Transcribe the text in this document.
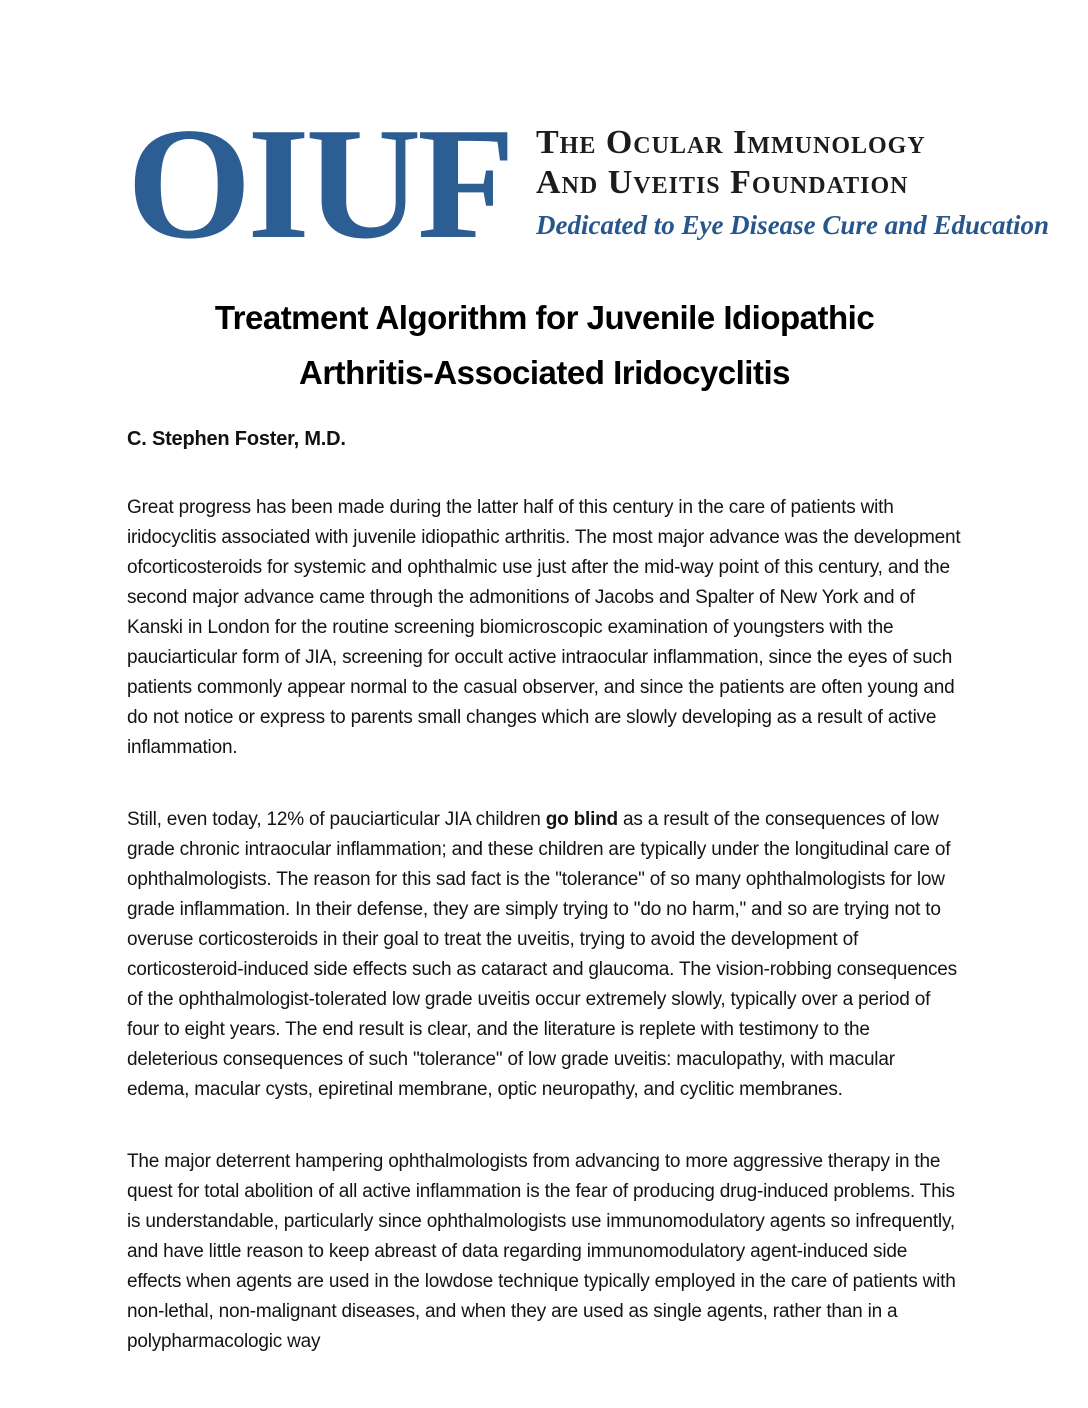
OIUF The Ocular Immunology
And Uveitis Foundation
Dedicated to Eye Disease Cure and Education
Treatment Algorithm for Juvenile Idiopathic
Arthritis-Associated Iridocyclitis
C. Stephen Foster, M.D.

Great progress has been made during the latter half of this century in the care of patients with iridocyclitis associated with juvenile idiopathic arthritis. The most major advance was the development ofcorticosteroids for systemic and ophthalmic use just after the mid-way point of this century, and the second major advance came through the admonitions of Jacobs and Spalter of New York and of Kanski in London for the routine screening biomicroscopic examination of youngsters with the pauciarticular form of JIA, screening for occult active intraocular inflammation, since the eyes of such patients commonly appear normal to the casual observer, and since the patients are often young and do not notice or express to parents small changes which are slowly developing as a result of active inflammation.

Still, even today, 12% of pauciarticular JIA children go blind as a result of the consequences of low grade chronic intraocular inflammation; and these children are typically under the longitudinal care of ophthalmologists. The reason for this sad fact is the "tolerance" of so many ophthalmologists for low grade inflammation. In their defense, they are simply trying to "do no harm," and so are trying not to overuse corticosteroids in their goal to treat the uveitis, trying to avoid the development of corticosteroid-induced side effects such as cataract and glaucoma. The vision-robbing consequences of the ophthalmologist-tolerated low grade uveitis occur extremely slowly, typically over a period of four to eight years. The end result is clear, and the literature is replete with testimony to the deleterious consequences of such "tolerance" of low grade uveitis: maculopathy, with macular edema, macular cysts, epiretinal membrane, optic neuropathy, and cyclitic membranes.

The major deterrent hampering ophthalmologists from advancing to more aggressive therapy in the quest for total abolition of all active inflammation is the fear of producing drug-induced problems. This is understandable, particularly since ophthalmologists use immunomodulatory agents so infrequently, and have little reason to keep abreast of data regarding immunomodulatory agent-induced side effects when agents are used in the lowdose technique typically employed in the care of patients with non-lethal, non-malignant diseases, and when they are used as single agents, rather than in a polypharmacologic way
